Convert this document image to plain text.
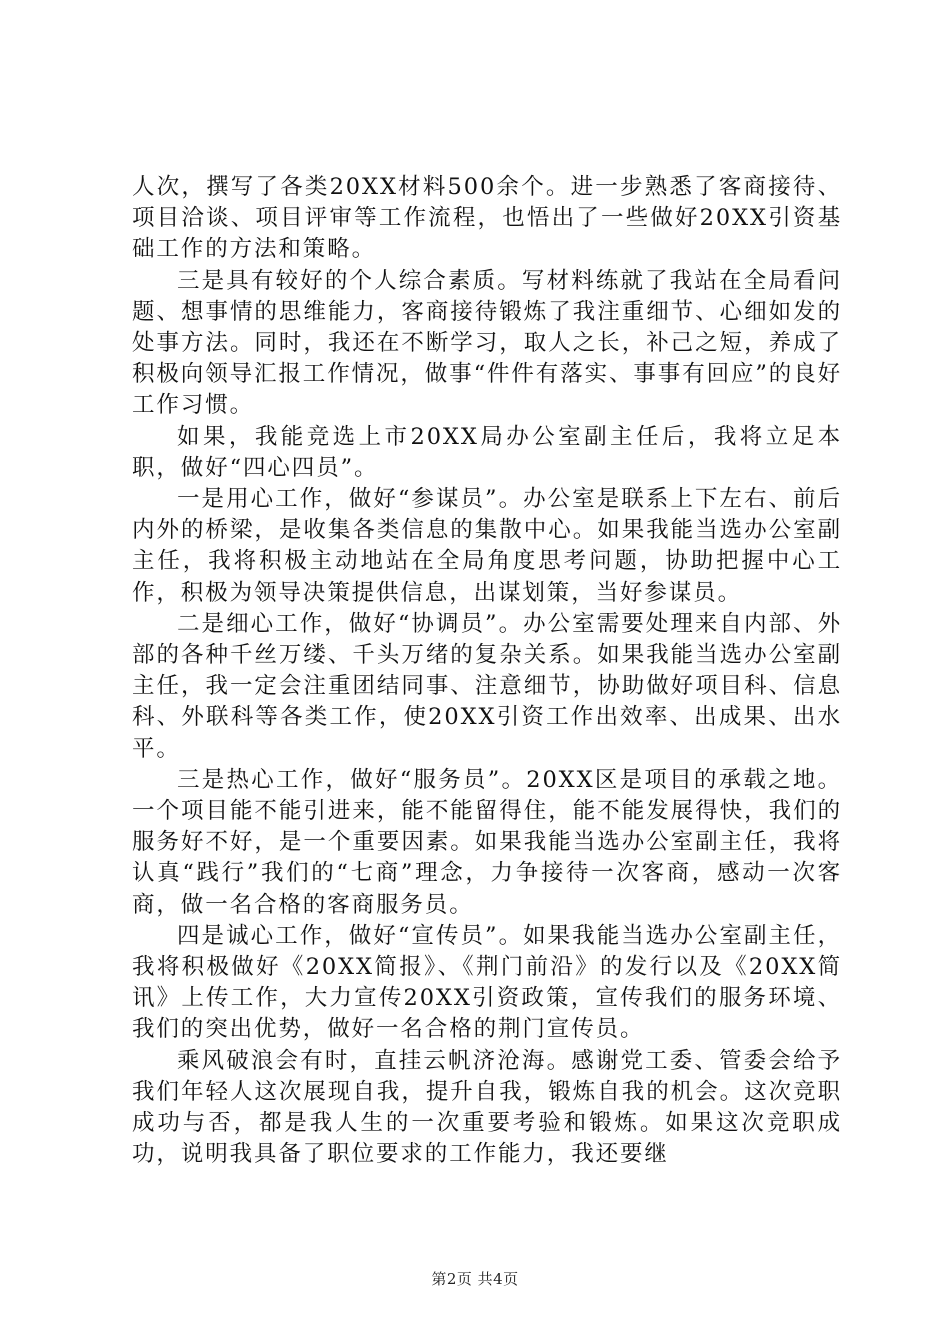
人次，撰写了各类20XX材料500余个。进一步熟悉了客商接待、项目洽谈、项目评审等工作流程，也悟出了一些做好20XX引资基础工作的方法和策略。

三是具有较好的个人综合素质。写材料练就了我站在全局看问题、想事情的思维能力，客商接待锻炼了我注重细节、心细如发的处事方法。同时，我还在不断学习，取人之长，补己之短，养成了积极向领导汇报工作情况，做事“件件有落实、事事有回应”的良好工作习惯。

如果，我能竞选上市20XX局办公室副主任后，我将立足本职，做好“四心四员”。

一是用心工作，做好“参谋员”。办公室是联系上下左右、前后内外的桥梁，是收集各类信息的集散中心。如果我能当选办公室副主任，我将积极主动地站在全局角度思考问题，协助把握中心工作，积极为领导决策提供信息，出谋划策，当好参谋员。

二是细心工作，做好“协调员”。办公室需要处理来自内部、外部的各种千丝万缕、千头万绪的复杂关系。如果我能当选办公室副主任，我一定会注重团结同事、注意细节，协助做好项目科、信息科、外联科等各类工作，使20XX引资工作出效率、出成果、出水平。

三是热心工作，做好“服务员”。20XX区是项目的承载之地。一个项目能不能引进来，能不能留得住，能不能发展得快，我们的服务好不好，是一个重要因素。如果我能当选办公室副主任，我将认真“践行”我们的“七商”理念，力争接待一次客商，感动一次客商，做一名合格的客商服务员。

四是诚心工作，做好“宣传员”。如果我能当选办公室副主任，我将积极做好《20XX简报》、《荆门前沿》的发行以及《20XX简讯》上传工作，大力宣传20XX引资政策，宣传我们的服务环境、我们的突出优势，做好一名合格的荆门宣传员。

乘风破浪会有时，直挂云帆济沧海。感谢党工委、管委会给予我们年轻人这次展现自我，提升自我，锻炼自我的机会。这次竞职成功与否，都是我人生的一次重要考验和锻炼。如果这次竞职成功，说明我具备了职位要求的工作能力，我还要继

第2页 共4页
